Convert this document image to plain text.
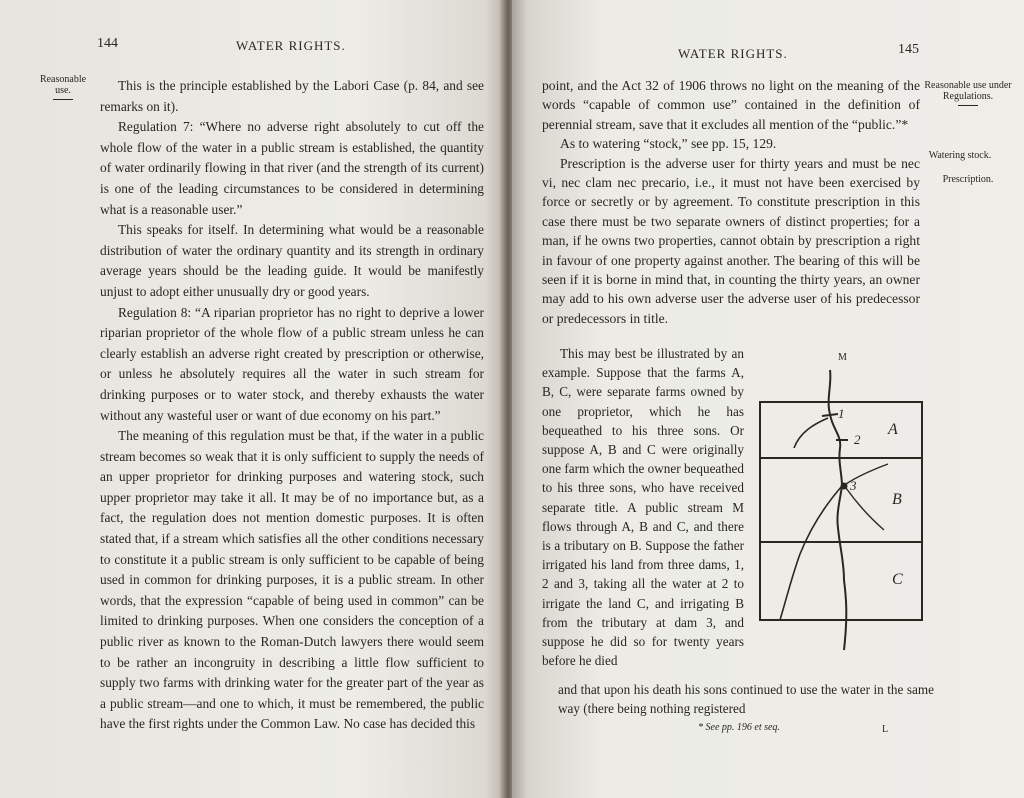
144	WATER RIGHTS.
Reasonable use.	This is the principle established by the Labori Case (p. 84, and see remarks on it).

Regulation 7: “Where no adverse right absolutely to cut off the whole flow of the water in a public stream is established, the quantity of water ordinarily flowing in that river (and the strength of its current) is one of the leading circumstances to be considered in determining what is a reasonable user.”

This speaks for itself. In determining what would be a reasonable distribution of water the ordinary quantity and its strength in ordinary average years should be the leading guide. It would be manifestly unjust to adopt either unusually dry or good years.

Regulation 8: “A riparian proprietor has no right to deprive a lower riparian proprietor of the whole flow of a public stream unless he can clearly establish an adverse right created by prescription or otherwise, or unless he absolutely requires all the water in such stream for drinking purposes or to water stock, and thereby exhausts the water without any wasteful user or want of due economy on his part.”

The meaning of this regulation must be that, if the water in a public stream becomes so weak that it is only sufficient to supply the needs of an upper proprietor for drinking purposes and watering stock, such upper proprietor may take it all. It may be of no importance but, as a fact, the regulation does not mention domestic purposes. It is often stated that, if a stream which satisfies all the other conditions necessary to constitute it a public stream is only sufficient to be capable of being used in common for drinking purposes, it is a public stream. In other words, that the expression “capable of being used in common” can be limited to drinking purposes. When one considers the conception of a public river as known to the Roman-Dutch lawyers there would seem to be rather an incongruity in describing a little flow sufficient to supply two farms with drinking water for the greater part of the year as a public stream—and one to which, it must be remembered, the public have the first rights under the Common Law. No case has decided this

WATER RIGHTS.	145
Reasonable use under Regulations.
Watering stock.
Prescription.

point, and the Act 32 of 1906 throws no light on the meaning of the words “capable of common use” contained in the definition of perennial stream, save that it excludes all mention of the “public.”*

As to watering “stock,” see pp. 15, 129.

Prescription is the adverse user for thirty years and must be nec vi, nec clam nec precario, i.e., it must not have been exercised by force or secretly or by agreement. To constitute prescription in this case there must be two separate owners of distinct properties; for a man, if he owns two properties, cannot obtain by prescription a right in favour of one property against another. The bearing of this will be seen if it is borne in mind that, in counting the thirty years, an owner may add to his own adverse user the adverse user of his predecessor or predecessors in title.

This may best be illustrated by an example. Suppose that the farms A, B, C, were separate farms owned by one proprietor, which he has bequeathed to his three sons. Or suppose A, B and C were originally one farm which the owner bequeathed to his three sons, who have received separate title. A public stream M flows through A, B and C, and there is a tributary on B. Suppose the father irrigated his land from three dams, 1, 2 and 3, taking all the water at 2 to irrigate the land C, and irrigating B from the tributary at dam 3, and suppose he did so for twenty years before he died

and that upon his death his sons continued to use the water in the same way (there being nothing registered

M
1
2
3
A
B
C
* See pp. 196 et seq.	L
